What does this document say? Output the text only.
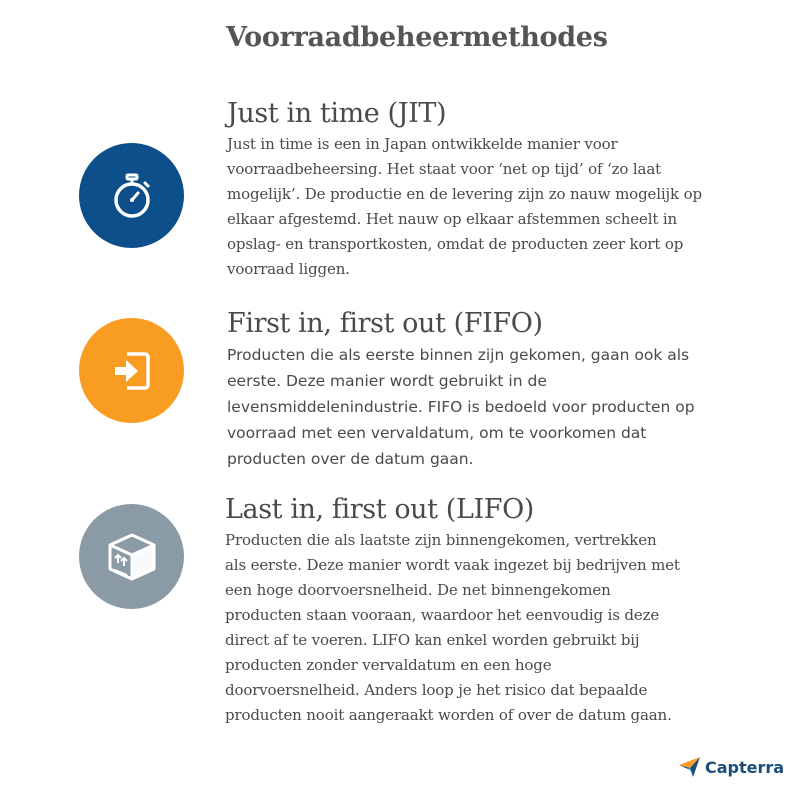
Voorraadbeheermethodes
Just in time (JIT)
Just in time is een in Japan ontwikkelde manier voor
voorraadbeheersing. Het staat voor ‘net op tijd’ of ‘zo laat
mogelijk’. De productie en de levering zijn zo nauw mogelijk op
elkaar afgestemd. Het nauw op elkaar afstemmen scheelt in
opslag- en transportkosten, omdat de producten zeer kort op
voorraad liggen.
First in, first out (FIFO)
Producten die als eerste binnen zijn gekomen, gaan ook als
eerste. Deze manier wordt gebruikt in de
levensmiddelenindustrie. FIFO is bedoeld voor producten op
voorraad met een vervaldatum, om te voorkomen dat
producten over de datum gaan.
Last in, first out (LIFO)
Producten die als laatste zijn binnengekomen, vertrekken
als eerste. Deze manier wordt vaak ingezet bij bedrijven met
een hoge doorvoersnelheid. De net binnengekomen
producten staan vooraan, waardoor het eenvoudig is deze
direct af te voeren. LIFO kan enkel worden gebruikt bij
producten zonder vervaldatum en een hoge
doorvoersnelheid. Anders loop je het risico dat bepaalde
producten nooit aangeraakt worden of over de datum gaan.
Capterra
